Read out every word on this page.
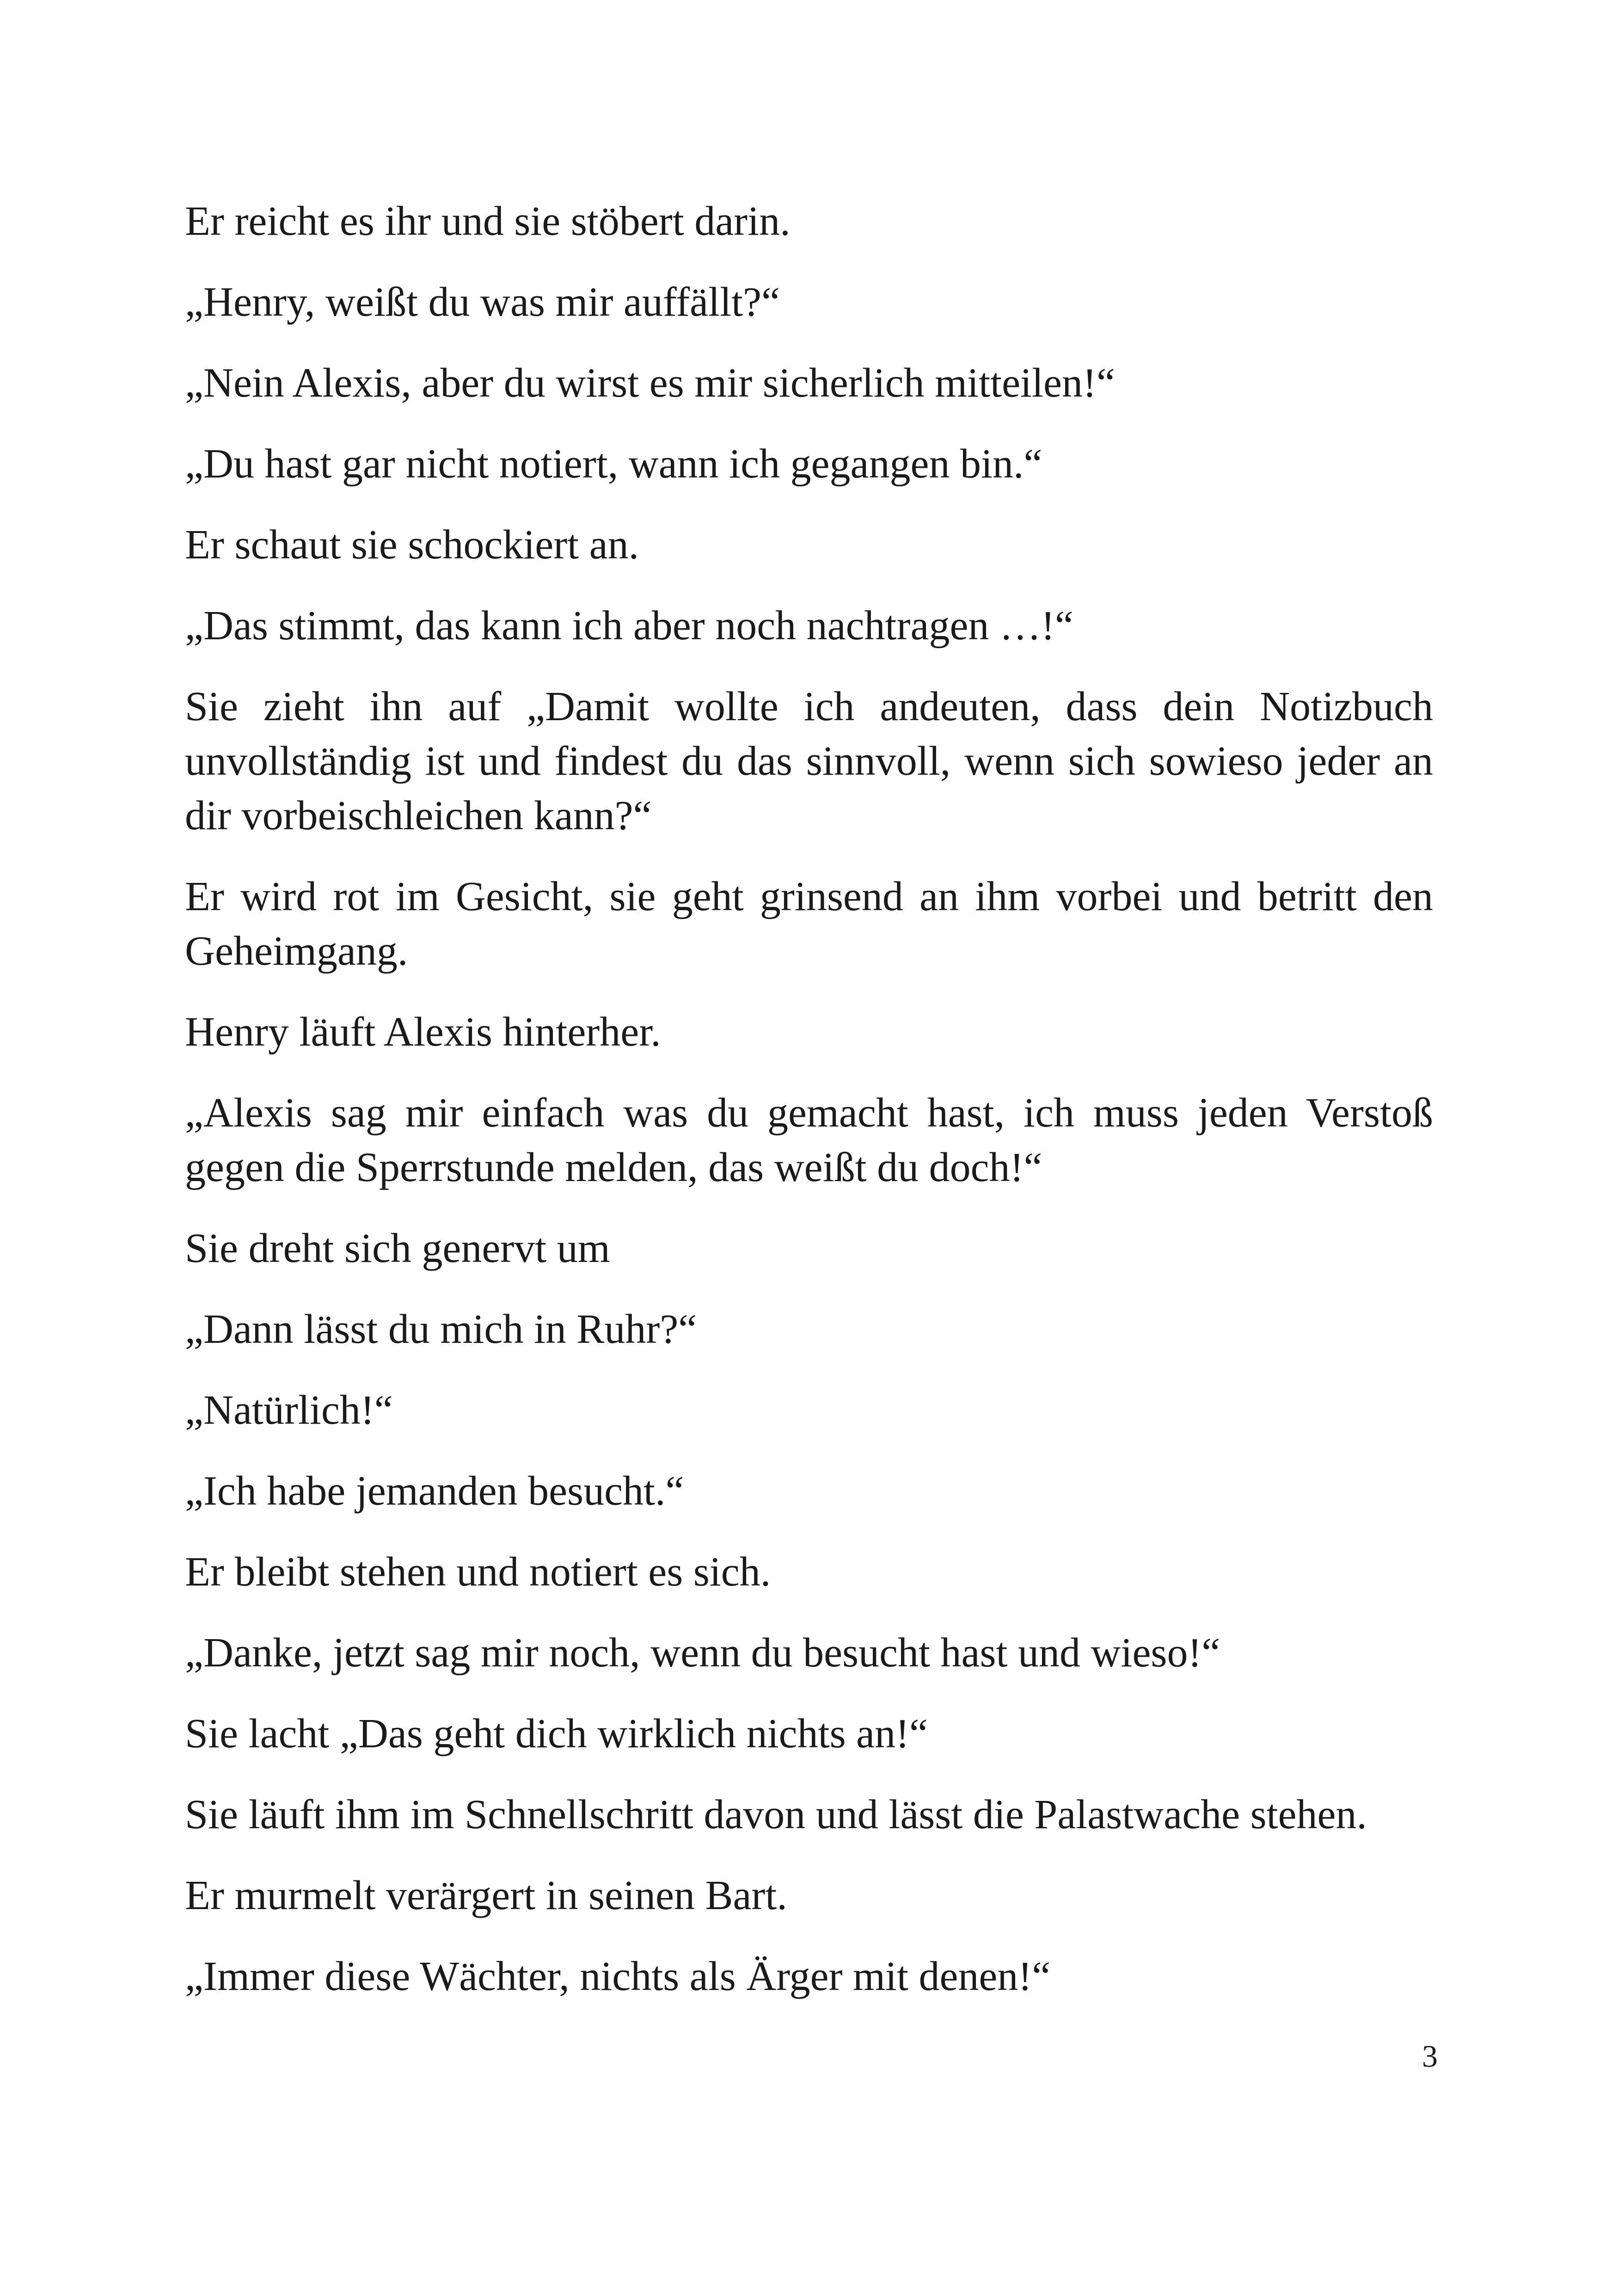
Er reicht es ihr und sie stöbert darin.

„Henry, weißt du was mir auffällt?“

„Nein Alexis, aber du wirst es mir sicherlich mitteilen!“

„Du hast gar nicht notiert, wann ich gegangen bin.“

Er schaut sie schockiert an.

„Das stimmt, das kann ich aber noch nachtragen …!“

Sie zieht ihn auf „Damit wollte ich andeuten, dass dein Notizbuch unvollständig ist und findest du das sinnvoll, wenn sich sowieso jeder an dir vorbeischleichen kann?“

Er wird rot im Gesicht, sie geht grinsend an ihm vorbei und betritt den Geheimgang.

Henry läuft Alexis hinterher.

„Alexis sag mir einfach was du gemacht hast, ich muss jeden Verstoß gegen die Sperrstunde melden, das weißt du doch!“

Sie dreht sich genervt um

„Dann lässt du mich in Ruhr?“

„Natürlich!“

„Ich habe jemanden besucht.“

Er bleibt stehen und notiert es sich.

„Danke, jetzt sag mir noch, wenn du besucht hast und wieso!“

Sie lacht „Das geht dich wirklich nichts an!“

Sie läuft ihm im Schnellschritt davon und lässt die Palastwache stehen.

Er murmelt verärgert in seinen Bart.

„Immer diese Wächter, nichts als Ärger mit denen!“

3
